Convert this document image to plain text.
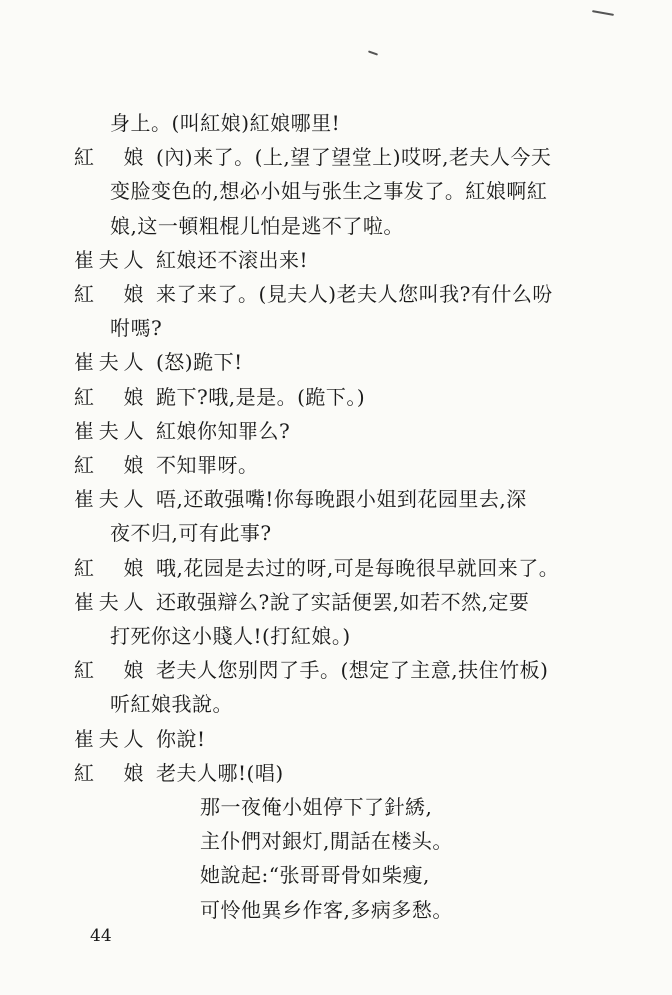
身上。(叫紅娘)紅娘哪里!
紅 娘 (內)来了。(上,望了望堂上)哎呀,老夫人今天
变脸变色的,想必小姐与张生之事发了。紅娘啊紅
娘,这一頓粗棍儿怕是逃不了啦。
崔 夫 人 紅娘还不滚出来!
紅 娘 来了来了。(見夫人)老夫人您叫我?有什么吩
咐嗎?
崔 夫 人 (怒)跪下!
紅 娘 跪下?哦,是是。(跪下。)
崔 夫 人 紅娘你知罪么?
紅 娘 不知罪呀。
崔 夫 人 唔,还敢强嘴!你每晚跟小姐到花园里去,深
夜不归,可有此事?
紅 娘 哦,花园是去过的呀,可是每晚很早就回来了。
崔 夫 人 还敢强辯么?說了实話便罢,如若不然,定要
打死你这小賤人!(打紅娘。)
紅 娘 老夫人您别閃了手。(想定了主意,扶住竹板)
听紅娘我說。
崔 夫 人 你說!
紅 娘 老夫人哪!(唱)
那一夜俺小姐停下了針綉,
主仆們对銀灯,閒話在楼头。
她說起:“张哥哥骨如柴瘦,
可怜他異乡作客,多病多愁。
44
